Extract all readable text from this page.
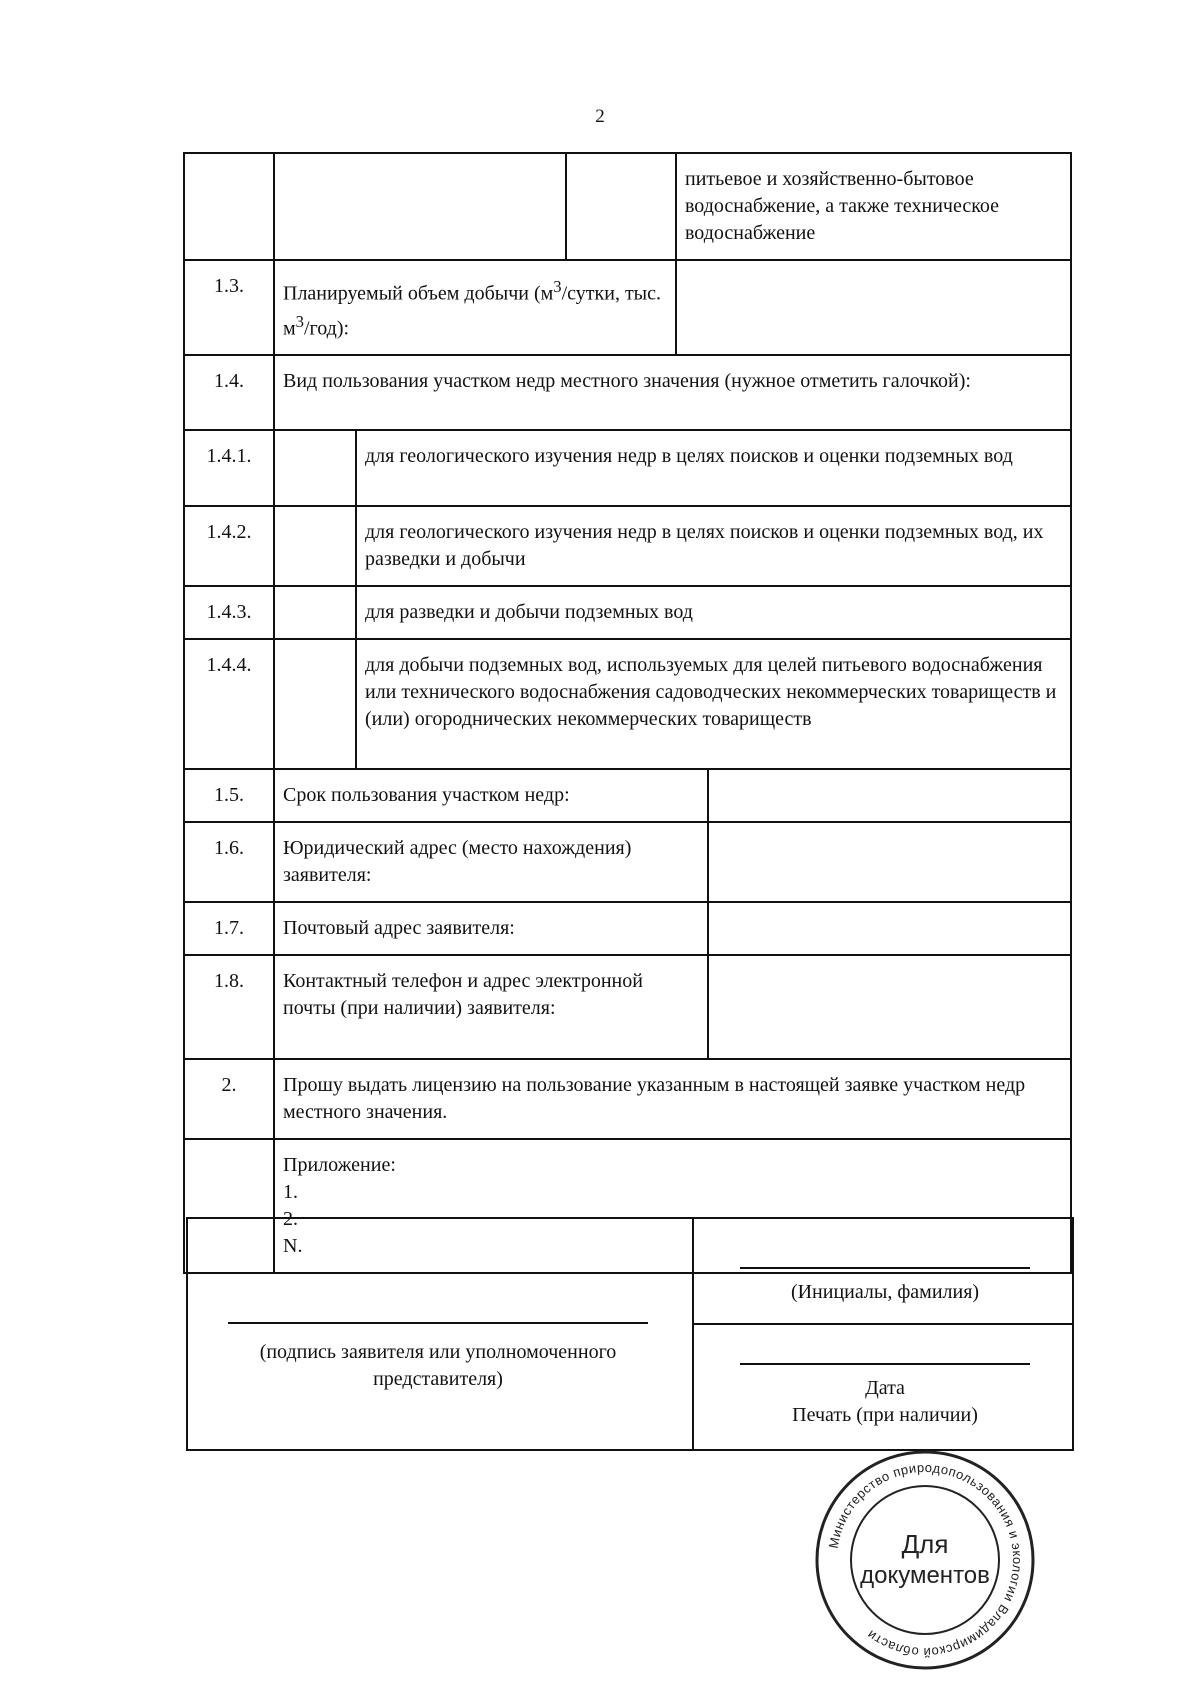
2
				питьевое и хозяйственно-бытовое водоснабжение, а также техническое водоснабжение	
1.3.	Планируемый объем добычи ($м^3$/сутки, тыс. $м^3/год$):				
1.4.	Вид пользования участком недр местного значения (нужное отметить галочкой):				
1.4.1.		для геологического изучения недр в целях поисков и оценки подземных вод			
1.4.2.		для геологического изучения недр в целях поисков и оценки подземных вод, их разведки и добычи			
1.4.3.		для разведки и добычи подземных вод			
1.4.4.		для добычи подземных вод, используемых для целей питьевого водоснабжения или технического водоснабжения садоводческих некоммерческих товариществ и (или) огороднических некоммерческих товариществ			
1.5.	Срок пользования участком недр:				
1.6.	Юридический адрес (место нахождения) заявителя:				
1.7.	Почтовый адрес заявителя:				
1.8.	Контактный телефон и адрес электронной почты (при наличии) заявителя:				
2.	Прошу выдать лицензию на пользование указанным в настоящей заявке участком недр местного значения.				

	Приложение:
1.
2.
N.				
(подпись заявителя или уполномоченного представителя)
(Инициалы, фамилия)
Дата
Печать (при наличии)
Министерство природопользования и экологии Владимирской области
Для
документов
